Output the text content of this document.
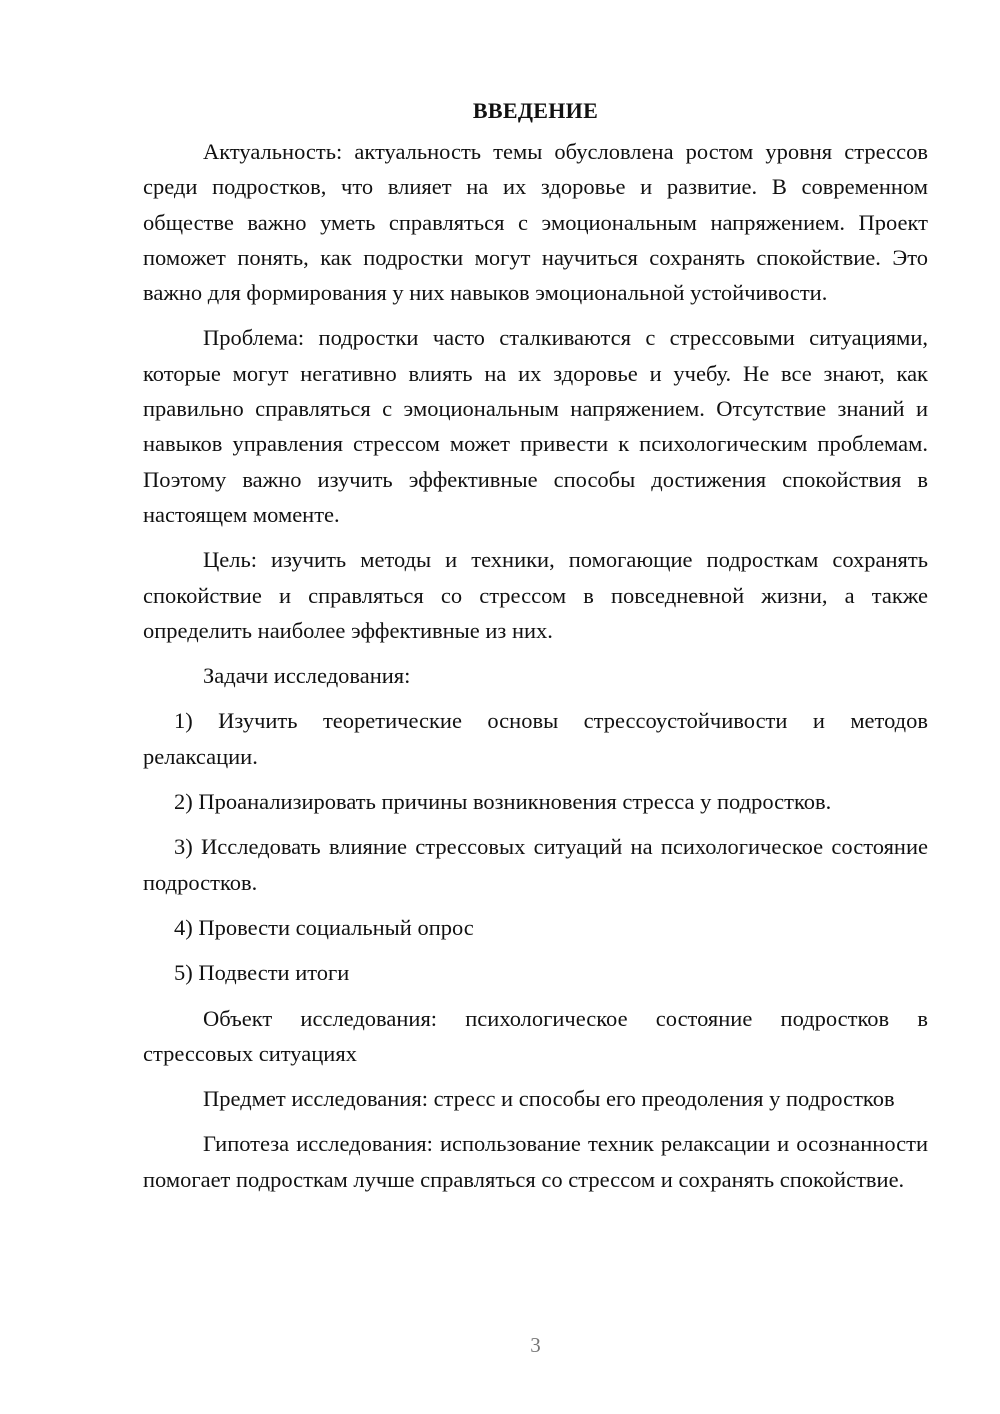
ВВЕДЕНИЕ

Актуальность: актуальность темы обусловлена ростом уровня стрессов среди подростков, что влияет на их здоровье и развитие. В современном обществе важно уметь справляться с эмоциональным напряжением. Проект поможет понять, как подростки могут научиться сохранять спокойствие. Это важно для формирования у них навыков эмоциональной устойчивости.

Проблема: подростки часто сталкиваются с стрессовыми ситуациями, которые могут негативно влиять на их здоровье и учебу. Не все знают, как правильно справляться с эмоциональным напряжением. Отсутствие знаний и навыков управления стрессом может привести к психологическим проблемам. Поэтому важно изучить эффективные способы достижения спокойствия в настоящем моменте.

Цель: изучить методы и техники, помогающие подросткам сохранять спокойствие и справляться со стрессом в повседневной жизни, а также определить наиболее эффективные из них.

Задачи исследования:

1) Изучить теоретические основы стрессоустойчивости и методов релаксации.

2) Проанализировать причины возникновения стресса у подростков.

3) Исследовать влияние стрессовых ситуаций на психологическое состояние подростков.

4) Провести социальный опрос

5) Подвести итоги

Объект исследования: психологическое состояние подростков в стрессовых ситуациях

Предмет исследования: стресс и способы его преодоления у подростков

Гипотеза исследования: использование техник релаксации и осознанности помогает подросткам лучше справляться со стрессом и сохранять спокойствие.

3
